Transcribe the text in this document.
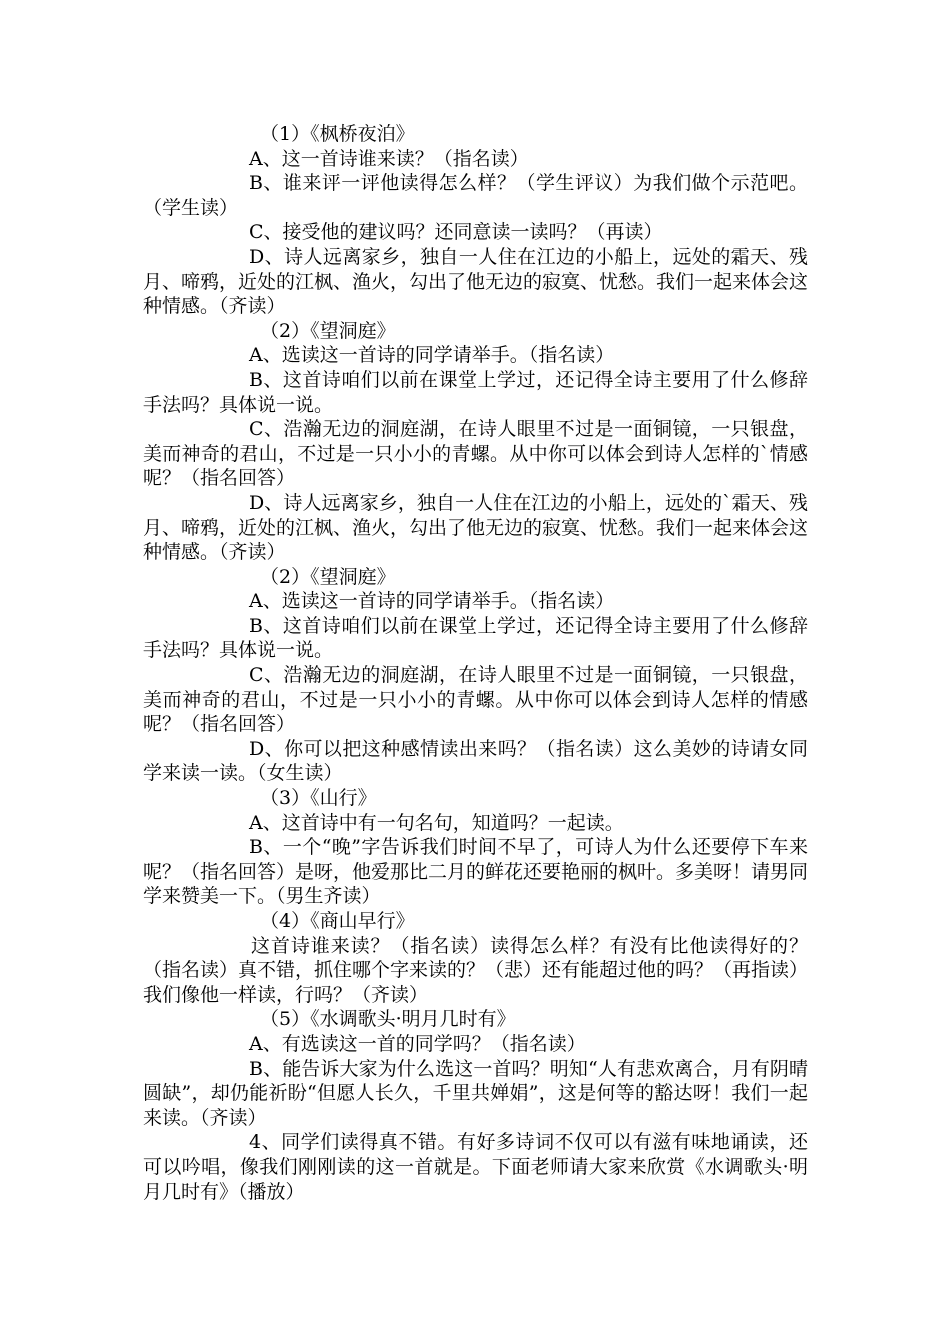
（1）《枫桥夜泊》

A、这一首诗谁来读？（指名读）

B、谁来评一评他读得怎么样？（学生评议）为我们做个示范吧。（学生读）

C、接受他的建议吗？还同意读一读吗？（再读）

D、诗人远离家乡，独自一人住在江边的小船上，远处的霜天、残月、啼鸦，近处的江枫、渔火，勾出了他无边的寂寞、忧愁。我们一起来体会这种情感。（齐读）

（2）《望洞庭》

A、选读这一首诗的同学请举手。（指名读）

B、这首诗咱们以前在课堂上学过，还记得全诗主要用了什么修辞手法吗？具体说一说。

C、浩瀚无边的洞庭湖，在诗人眼里不过是一面铜镜，一只银盘，美而神奇的君山，不过是一只小小的青螺。从中你可以体会到诗人怎样的`情感呢？（指名回答）

D、诗人远离家乡，独自一人住在江边的小船上，远处的`霜天、残月、啼鸦，近处的江枫、渔火，勾出了他无边的寂寞、忧愁。我们一起来体会这种情感。（齐读）

（2）《望洞庭》

A、选读这一首诗的同学请举手。（指名读）

B、这首诗咱们以前在课堂上学过，还记得全诗主要用了什么修辞手法吗？具体说一说。

C、浩瀚无边的洞庭湖，在诗人眼里不过是一面铜镜，一只银盘，美而神奇的君山，不过是一只小小的青螺。从中你可以体会到诗人怎样的情感呢？（指名回答）

D、你可以把这种感情读出来吗？（指名读）这么美妙的诗请女同学来读一读。（女生读）

（3）《山行》

A、这首诗中有一句名句，知道吗？一起读。

B、一个“晚”字告诉我们时间不早了，可诗人为什么还要停下车来呢？（指名回答）是呀，他爱那比二月的鲜花还要艳丽的枫叶。多美呀！请男同学来赞美一下。（男生齐读）

（4）《商山早行》

这首诗谁来读？（指名读）读得怎么样？有没有比他读得好的？（指名读）真不错，抓住哪个字来读的？（悲）还有能超过他的吗？（再指读）我们像他一样读，行吗？（齐读）

（5）《水调歌头·明月几时有》

A、有选读这一首的同学吗？（指名读）

B、能告诉大家为什么选这一首吗？明知“人有悲欢离合，月有阴晴圆缺”，却仍能祈盼“但愿人长久，千里共婵娟”，这是何等的豁达呀！我们一起来读。（齐读）

4、同学们读得真不错。有好多诗词不仅可以有滋有味地诵读，还可以吟唱，像我们刚刚读的这一首就是。下面老师请大家来欣赏《水调歌头·明月几时有》（播放）
